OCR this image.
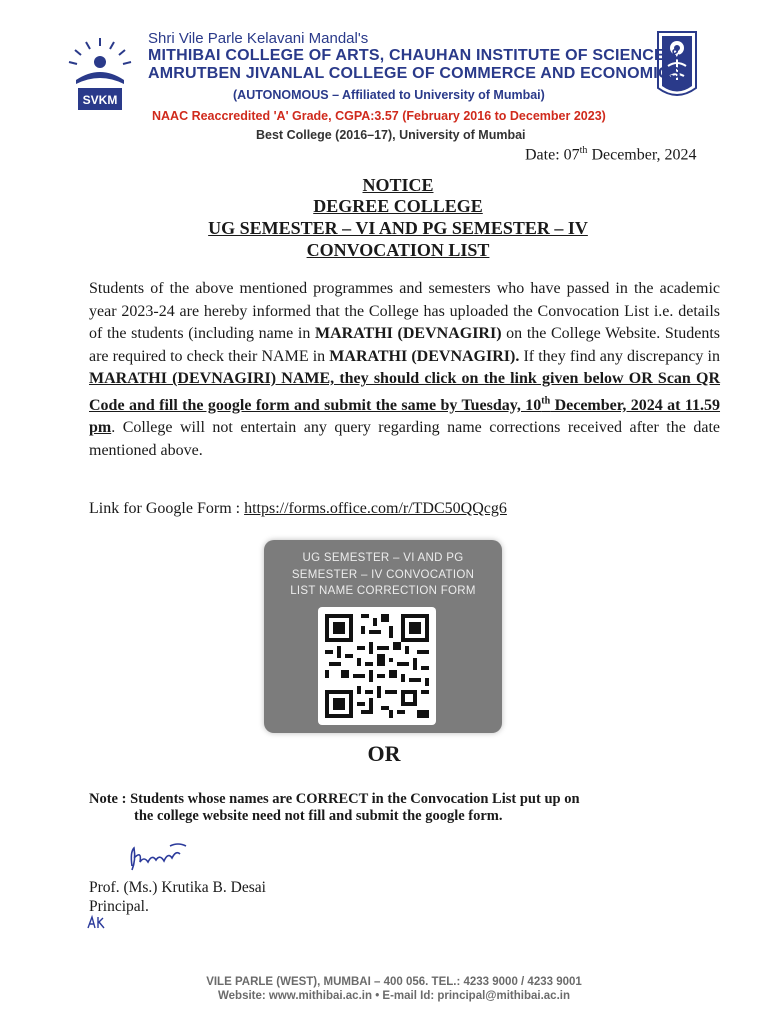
SVKM
Shri Vile Parle Kelavani Mandal's
MITHIBAI COLLEGE OF ARTS, CHAUHAN INSTITUTE OF SCIENCE &
AMRUTBEN JIVANLAL COLLEGE OF COMMERCE AND ECONOMICS
(AUTONOMOUS – Affiliated to University of Mumbai)
NAAC Reaccredited 'A' Grade, CGPA:3.57 (February 2016 to December 2023)
Best College (2016–17), University of Mumbai
Date: 07th December, 2024
NOTICE
DEGREE COLLEGE
UG SEMESTER – VI AND PG SEMESTER – IV
CONVOCATION LIST
Students of the above mentioned programmes and semesters who have passed in the academic year 2023-24 are hereby informed that the College has uploaded the Convocation List i.e. details of the students (including name in MARATHI (DEVNAGIRI) on the College Website. Students are required to check their NAME in MARATHI (DEVNAGIRI). If they find any discrepancy in MARATHI (DEVNAGIRI) NAME, they should click on the link given below OR Scan QR Code and fill the google form and submit the same by Tuesday, 10th December, 2024 at 11.59 pm. College will not entertain any query regarding name corrections received after the date mentioned above.
Link for Google Form : https://forms.office.com/r/TDC50QQcg6
UG SEMESTER – VI AND PG
SEMESTER – IV CONVOCATION
LIST NAME CORRECTION FORM
OR
Note : Students whose names are CORRECT in the Convocation List put up on
the college website need not fill and submit the google form.
Prof. (Ms.) Krutika B. Desai
Principal.
VILE PARLE (WEST), MUMBAI – 400 056. TEL.: 4233 9000 / 4233 9001
Website: www.mithibai.ac.in • E-mail Id: principal@mithibai.ac.in
